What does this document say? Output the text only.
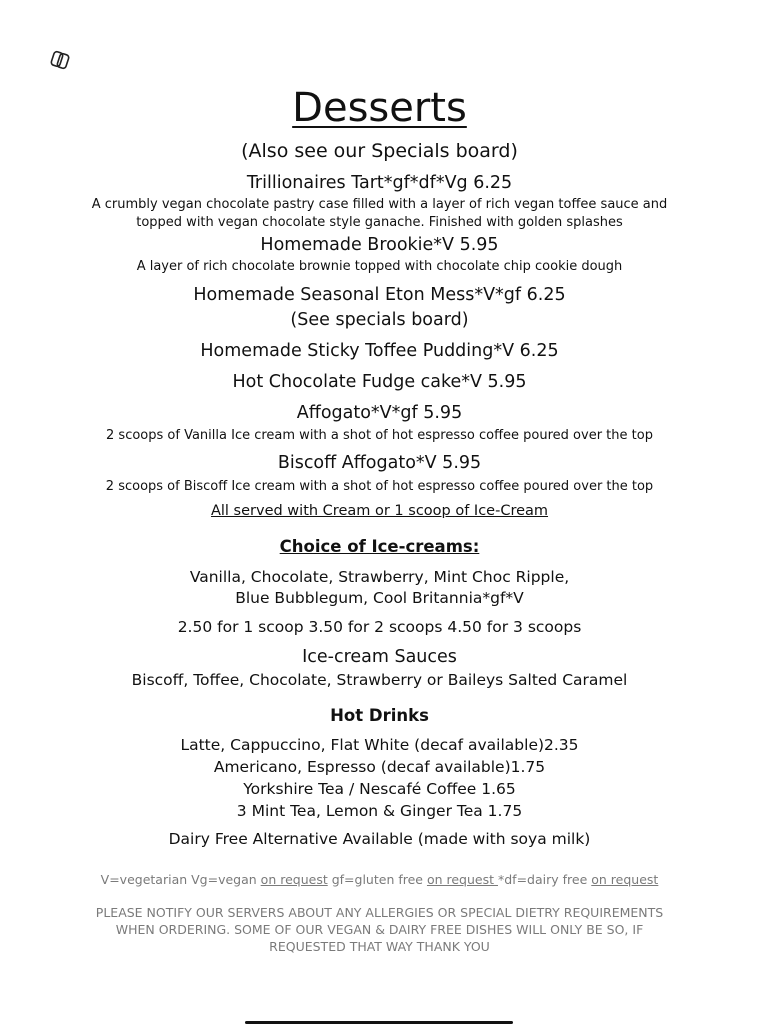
Desserts
(Also see our Specials board)
Trillionaires Tart*gf*df*Vg 6.25
A crumbly vegan chocolate pastry case filled with a layer of rich vegan toffee sauce and
topped with vegan chocolate style ganache. Finished with golden splashes
Homemade Brookie*V 5.95
A layer of rich chocolate brownie topped with chocolate chip cookie dough
Homemade Seasonal Eton Mess*V*gf 6.25
(See specials board)
Homemade Sticky Toffee Pudding*V 6.25
Hot Chocolate Fudge cake*V 5.95
Affogato*V*gf 5.95
2 scoops of Vanilla Ice cream with a shot of hot espresso coffee poured over the top
Biscoff Affogato*V 5.95
2 scoops of Biscoff Ice cream with a shot of hot espresso coffee poured over the top
All served with Cream or 1 scoop of Ice-Cream
Choice of Ice-creams:
Vanilla, Chocolate, Strawberry, Mint Choc Ripple,
Blue Bubblegum, Cool Britannia*gf*V
2.50 for 1 scoop 3.50 for 2 scoops 4.50 for 3 scoops
Ice-cream Sauces
Biscoff, Toffee, Chocolate, Strawberry or Baileys Salted Caramel
Hot Drinks
Latte, Cappuccino, Flat White (decaf available)2.35
Americano, Espresso (decaf available)1.75
Yorkshire Tea / Nescafé Coffee 1.65
3 Mint Tea, Lemon & Ginger Tea 1.75
Dairy Free Alternative Available (made with soya milk)
V=vegetarian Vg=vegan on request gf=gluten free on request *df=dairy free on request
PLEASE NOTIFY OUR SERVERS ABOUT ANY ALLERGIES OR SPECIAL DIETRY REQUIREMENTS
WHEN ORDERING. SOME OF OUR VEGAN & DAIRY FREE DISHES WILL ONLY BE SO, IF
REQUESTED THAT WAY THANK YOU
